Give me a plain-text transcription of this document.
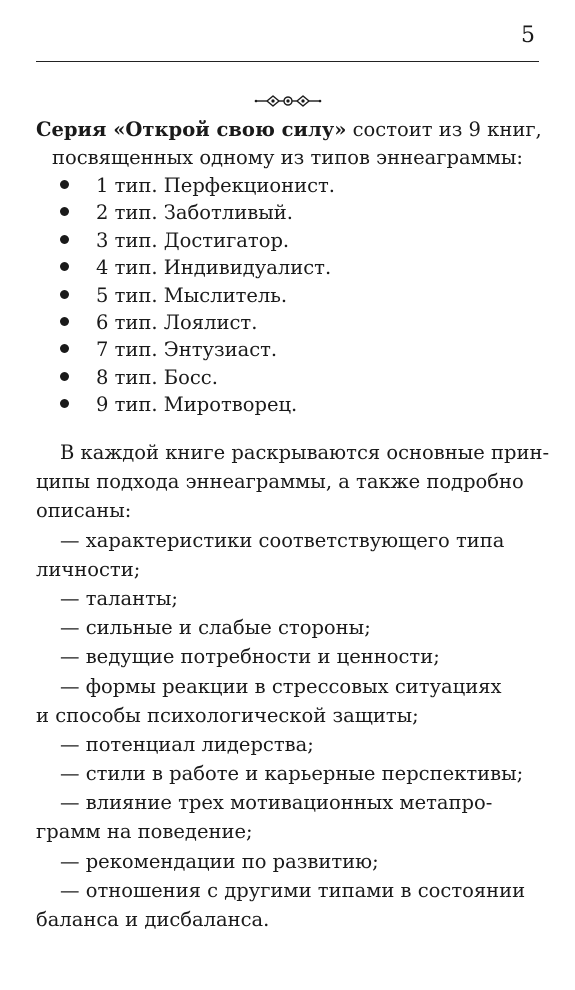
5
Серия «Открой свою силу» состоит из 9 книг,
посвященных одному из типов эннеаграммы:
1 тип. Перфекционист.
2 тип. Заботливый.
3 тип. Достигатор.
4 тип. Индивидуалист.
5 тип. Мыслитель.
6 тип. Лоялист.
7 тип. Энтузиаст.
8 тип. Босс.
9 тип. Миротворец.
В каждой книге раскрываются основные прин-
ципы подхода эннеаграммы, а также подробно
описаны:
— характеристики соответствующего типа
личности;
— таланты;
— сильные и слабые стороны;
— ведущие потребности и ценности;
— формы реакции в стрессовых ситуациях
и способы психологической защиты;
— потенциал лидерства;
— стили в работе и карьерные перспективы;
— влияние трех мотивационных метапро-
грамм на поведение;
— рекомендации по развитию;
— отношения с другими типами в состоянии
баланса и дисбаланса.
